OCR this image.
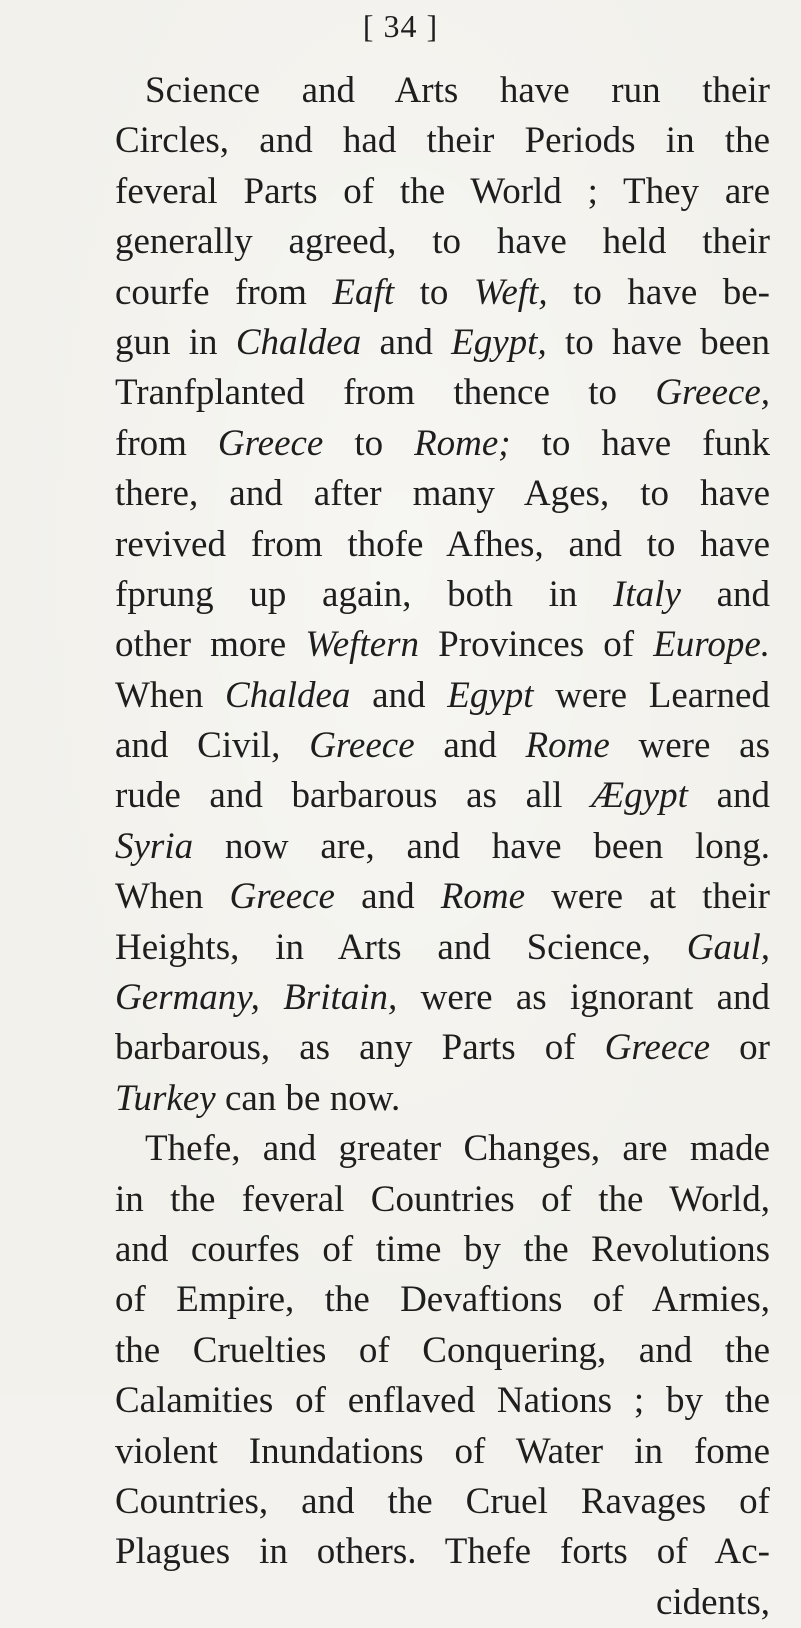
[ 34 ]
Science and Arts have run their
Circles, and had their Periods in the
feveral Parts of the World ; They are
generally agreed, to have held their
courfe from Eaft to Weft, to have be-
gun in Chaldea and Egypt, to have been
Tranfplanted from thence to Greece,
from Greece to Rome; to have funk
there, and after many Ages, to have
revived from thofe Afhes, and to have
fprung up again, both in Italy and
other more Weftern Provinces of Europe.
When Chaldea and Egypt were Learned
and Civil, Greece and Rome were as
rude and barbarous as all Ægypt and
Syria now are, and have been long.
When Greece and Rome were at their
Heights, in Arts and Science, Gaul,
Germany, Britain, were as ignorant and
barbarous, as any Parts of Greece or
Turkey can be now.
Thefe, and greater Changes, are made
in the feveral Countries of the World,
and courfes of time by the Revolutions
of Empire, the Devaftions of Armies,
the Cruelties of Conquering, and the
Calamities of enflaved Nations ; by the
violent Inundations of Water in fome
Countries, and the Cruel Ravages of
Plagues in others. Thefe forts of Ac-
cidents,
